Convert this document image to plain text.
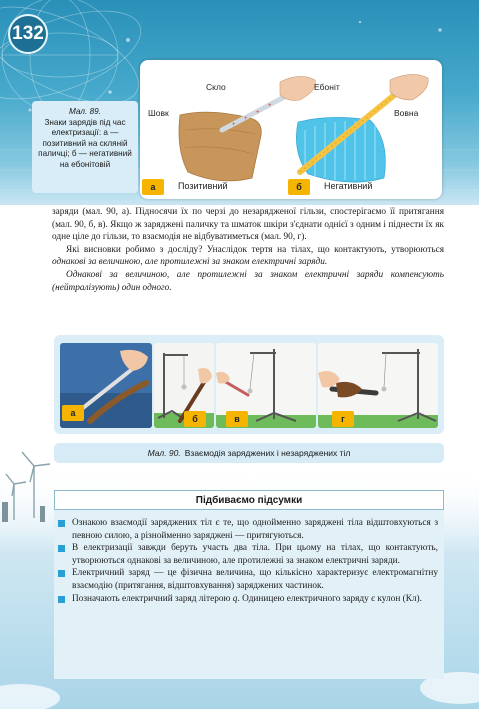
132
+
+
+
+
Скло	Ебоніт
Шовк	Вовна
а	Позитивний	б	Негативний
Мал. 89.
Знаки зарядів під час електризації: а — позитивний на скляній паличці; б — негативний на ебонітовій

заряди (мал. 90, а). Підносячи їх по черзі до незарядженої гільзи, спостерігаємо її притягання (мал. 90, б, в). Якщо ж заряджені паличку та шматок шкіри з'єднати однієї з одним і піднести їх як одне ціле до гільзи, то взаємодія не відбуватиметься (мал. 90, г).

Які висновки робимо з досліду? Унаслідок тертя на тілах, що контактують, утворюються однакові за величиною, але протилежні за знаком електричні заряди.

Однакові за величиною, але протилежні за знаком електричні заряди компенсують (нейтралізують) один одного.

а
б	в	г
Мал. 90. Взаємодія заряджених і незаряджених тіл
Підбиваємо підсумки
Ознакою взаємодії заряджених тіл є те, що однойменно заряджені тіла відштовхуються з певною силою, а різнойменно заряджені — притягуються.
В електризації завжди беруть участь два тіла. При цьому на тілах, що контактують, утворюються однакові за величиною, але протилежні за знаком електричні заряди.
Електричний заряд — це фізична величина, що кількісно характеризує електромагнітну взаємодію (притягання, відштовхування) заряджених частинок.
Позначають електричний заряд літерою q. Одиницею електричного заряду є кулон (Кл).
